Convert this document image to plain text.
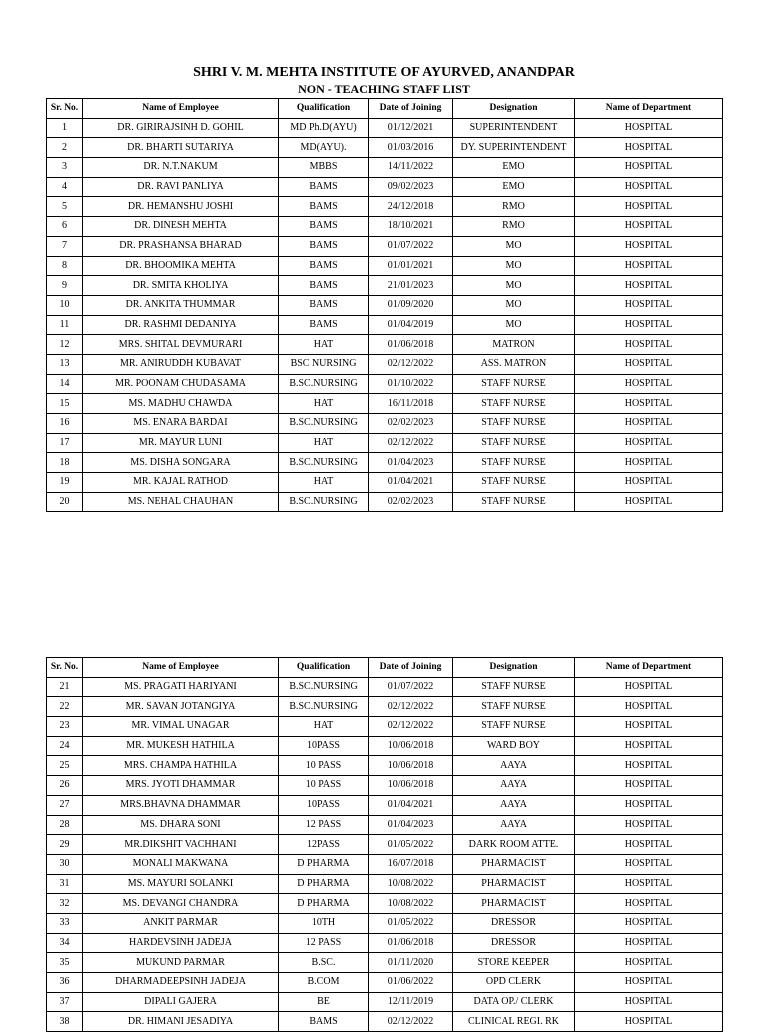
SHRI V. M. MEHTA INSTITUTE OF AYURVED, ANANDPAR
NON - TEACHING STAFF LIST
Sr. No.	Name of Employee	Qualification	Date of Joining	Designation	Name of Department
1	DR. GIRIRAJSINH D. GOHIL	MD Ph.D(AYU)	01/12/2021	SUPERINTENDENT	HOSPITAL
2	DR. BHARTI SUTARIYA	MD(AYU).	01/03/2016	DY. SUPERINTENDENT	HOSPITAL
3	DR. N.T.NAKUM	MBBS	14/11/2022	EMO	HOSPITAL
4	DR. RAVI PANLIYA	BAMS	09/02/2023	EMO	HOSPITAL
5	DR. HEMANSHU JOSHI	BAMS	24/12/2018	RMO	HOSPITAL
6	DR. DINESH MEHTA	BAMS	18/10/2021	RMO	HOSPITAL
7	DR. PRASHANSA BHARAD	BAMS	01/07/2022	MO	HOSPITAL
8	DR. BHOOMIKA MEHTA	BAMS	01/01/2021	MO	HOSPITAL
9	DR. SMITA KHOLIYA	BAMS	21/01/2023	MO	HOSPITAL
10	DR. ANKITA THUMMAR	BAMS	01/09/2020	MO	HOSPITAL
11	DR. RASHMI DEDANIYA	BAMS	01/04/2019	MO	HOSPITAL
12	MRS. SHITAL DEVMURARI	HAT	01/06/2018	MATRON	HOSPITAL
13	MR. ANIRUDDH KUBAVAT	BSC NURSING	02/12/2022	ASS. MATRON	HOSPITAL
14	MR. POONAM CHUDASAMA	B.SC.NURSING	01/10/2022	STAFF NURSE	HOSPITAL
15	MS. MADHU CHAWDA	HAT	16/11/2018	STAFF NURSE	HOSPITAL
16	MS. ENARA BARDAI	B.SC.NURSING	02/02/2023	STAFF NURSE	HOSPITAL
17	MR. MAYUR LUNI	HAT	02/12/2022	STAFF NURSE	HOSPITAL
18	MS. DISHA SONGARA	B.SC.NURSING	01/04/2023	STAFF NURSE	HOSPITAL
19	MR. KAJAL RATHOD	HAT	01/04/2021	STAFF NURSE	HOSPITAL
20	MS. NEHAL CHAUHAN	B.SC.NURSING	02/02/2023	STAFF NURSE	HOSPITAL
Sr. No.	Name of Employee	Qualification	Date of Joining	Designation	Name of Department
21	MS. PRAGATI HARIYANI	B.SC.NURSING	01/07/2022	STAFF NURSE	HOSPITAL
22	MR. SAVAN JOTANGIYA	B.SC.NURSING	02/12/2022	STAFF NURSE	HOSPITAL
23	MR. VIMAL UNAGAR	HAT	02/12/2022	STAFF NURSE	HOSPITAL
24	MR. MUKESH HATHILA	10PASS	10/06/2018	WARD BOY	HOSPITAL
25	MRS. CHAMPA HATHILA	10 PASS	10/06/2018	AAYA	HOSPITAL
26	MRS. JYOTI DHAMMAR	10 PASS	10/06/2018	AAYA	HOSPITAL
27	MRS.BHAVNA DHAMMAR	10PASS	01/04/2021	AAYA	HOSPITAL
28	MS. DHARA SONI	12 PASS	01/04/2023	AAYA	HOSPITAL
29	MR.DIKSHIT VACHHANI	12PASS	01/05/2022	DARK ROOM ATTE.	HOSPITAL
30	MONALI MAKWANA	D PHARMA	16/07/2018	PHARMACIST	HOSPITAL
31	MS. MAYURI SOLANKI	D PHARMA	10/08/2022	PHARMACIST	HOSPITAL
32	MS. DEVANGI CHANDRA	D PHARMA	10/08/2022	PHARMACIST	HOSPITAL
33	ANKIT PARMAR	10TH	01/05/2022	DRESSOR	HOSPITAL
34	HARDEVSINH JADEJA	12 PASS	01/06/2018	DRESSOR	HOSPITAL
35	MUKUND PARMAR	B.SC.	01/11/2020	STORE KEEPER	HOSPITAL
36	DHARMADEEPSINH JADEJA	B.COM	01/06/2022	OPD CLERK	HOSPITAL
37	DIPALI GAJERA	BE	12/11/2019	DATA OP./ CLERK	HOSPITAL
38	DR. HIMANI JESADIYA	BAMS	02/12/2022	CLINICAL REGI. RK	HOSPITAL
